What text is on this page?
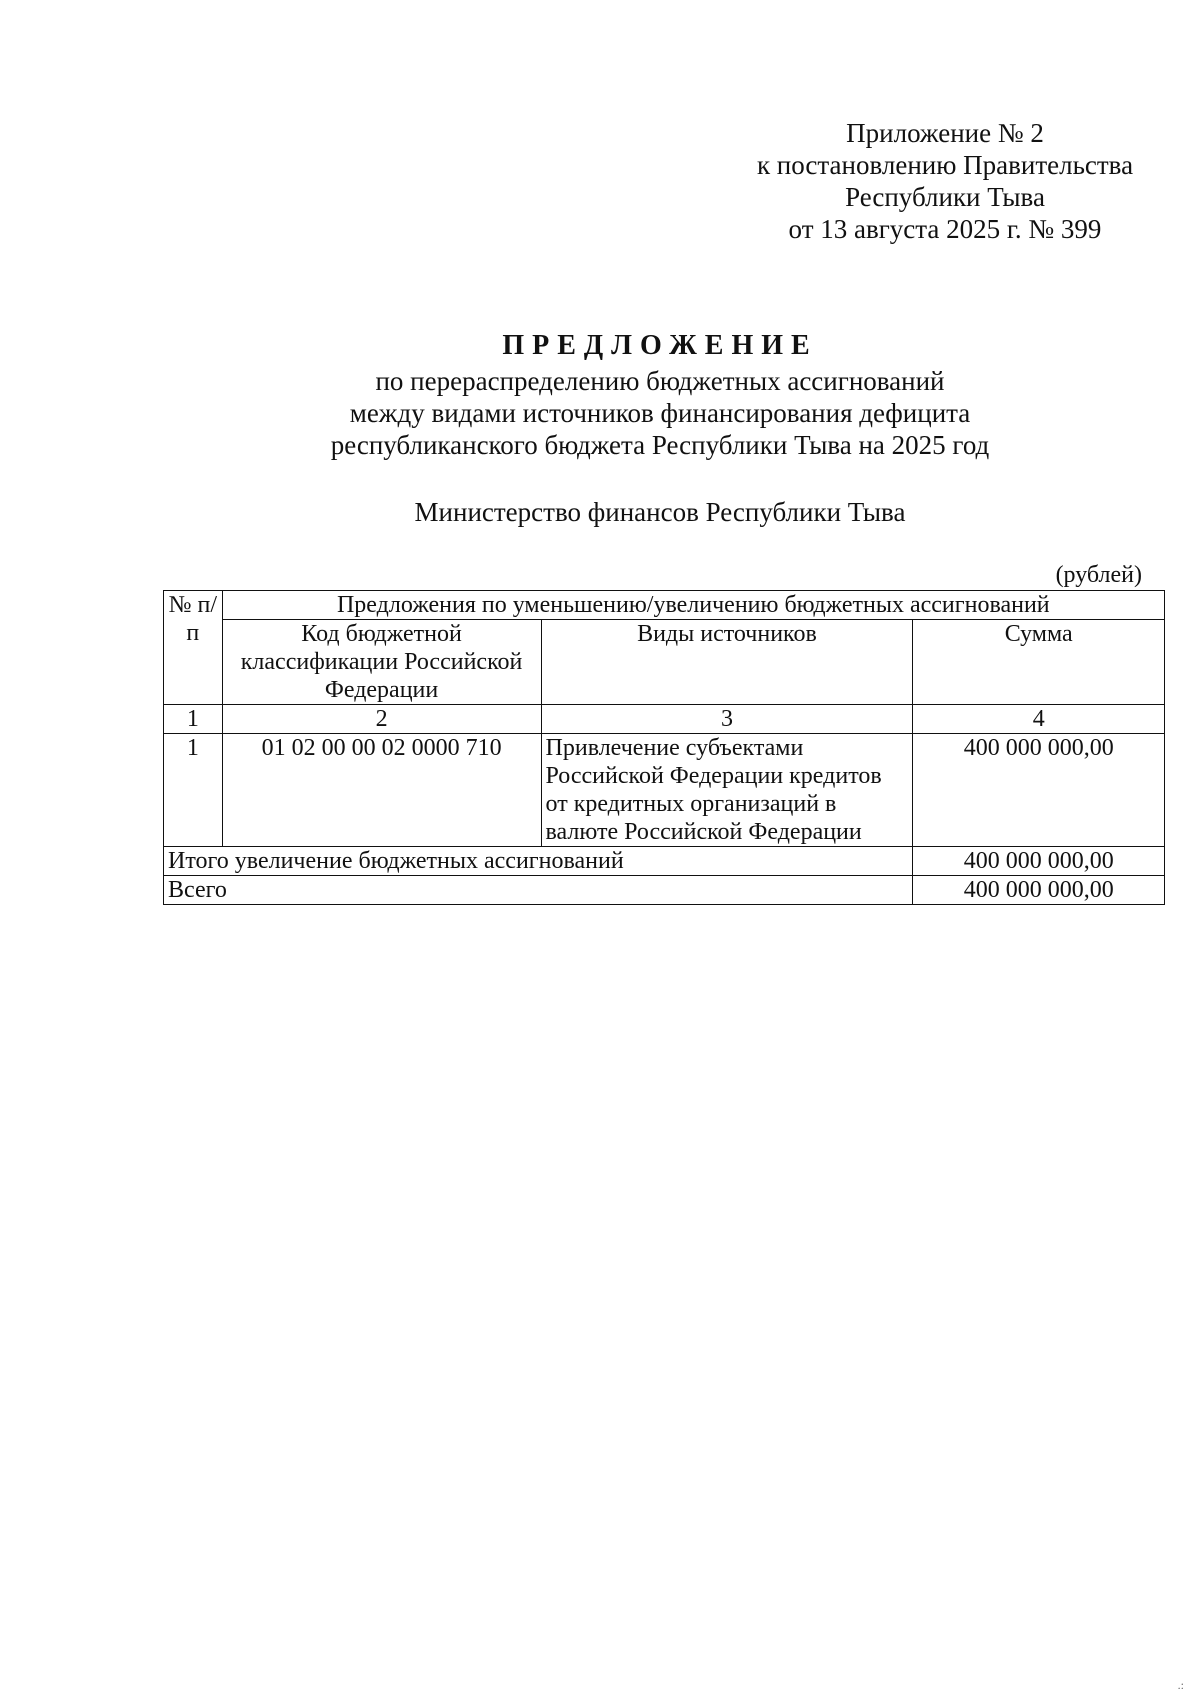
Приложение № 2
к постановлению Правительства
Республики Тыва
от 13 августа 2025 г. № 399
ПРЕДЛОЖЕНИЕ
по перераспределению бюджетных ассигнований
между видами источников финансирования дефицита
республиканского бюджета Республики Тыва на 2025 год
Министерство финансов Республики Тыва
(рублей)
№ п/п	Предложения по уменьшению/увеличению бюджетных ассигнований		
	Код бюджетной классификации Российской Федерации	Виды источников	Сумма
1	2	3	4
1	01 02 00 00 02 0000 710	Привлечение субъектами Российской Федерации кредитов от кредитных организаций в валюте Российской Федерации	400 000 000,00
Итого увеличение бюджетных ассигнований			400 000 000,00
Всего			400 000 000,00
.:
